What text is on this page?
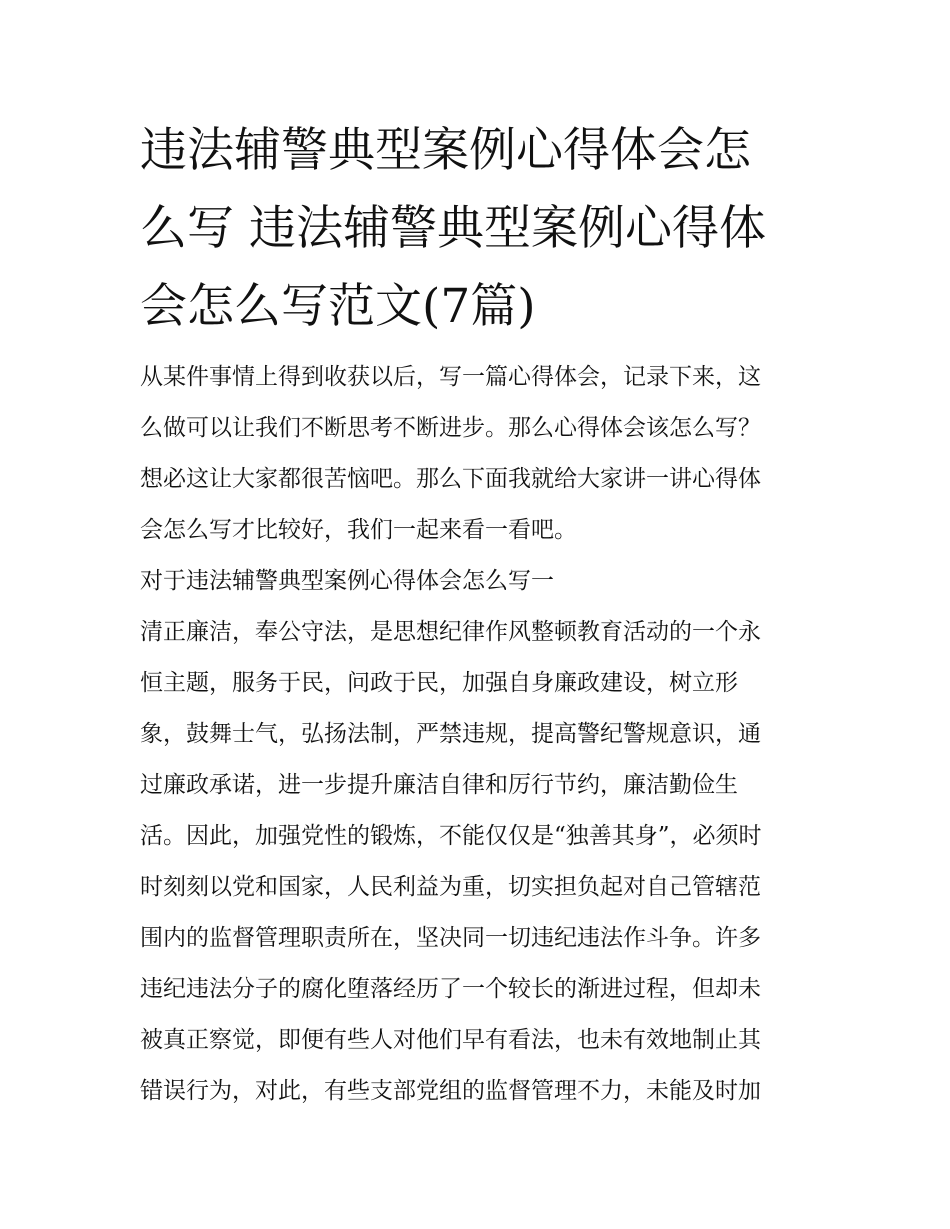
违法辅警典型案例心得体会怎
么写 违法辅警典型案例心得体
会怎么写范文(7篇)
从某件事情上得到收获以后，写一篇心得体会，记录下来，这
么做可以让我们不断思考不断进步。那么心得体会该怎么写？
想必这让大家都很苦恼吧。那么下面我就给大家讲一讲心得体
会怎么写才比较好，我们一起来看一看吧。
对于违法辅警典型案例心得体会怎么写一
清正廉洁，奉公守法，是思想纪律作风整顿教育活动的一个永
恒主题，服务于民，问政于民，加强自身廉政建设，树立形
象，鼓舞士气，弘扬法制，严禁违规，提高警纪警规意识，通
过廉政承诺，进一步提升廉洁自律和厉行节约，廉洁勤俭生
活。因此，加强党性的锻炼，不能仅仅是“独善其身”，必须时
时刻刻以党和国家，人民利益为重，切实担负起对自己管辖范
围内的监督管理职责所在，坚决同一切违纪违法作斗争。许多
违纪违法分子的腐化堕落经历了一个较长的渐进过程，但却未
被真正察觉，即便有些人对他们早有看法，也未有效地制止其
错误行为，对此，有些支部党组的监督管理不力，未能及时加
